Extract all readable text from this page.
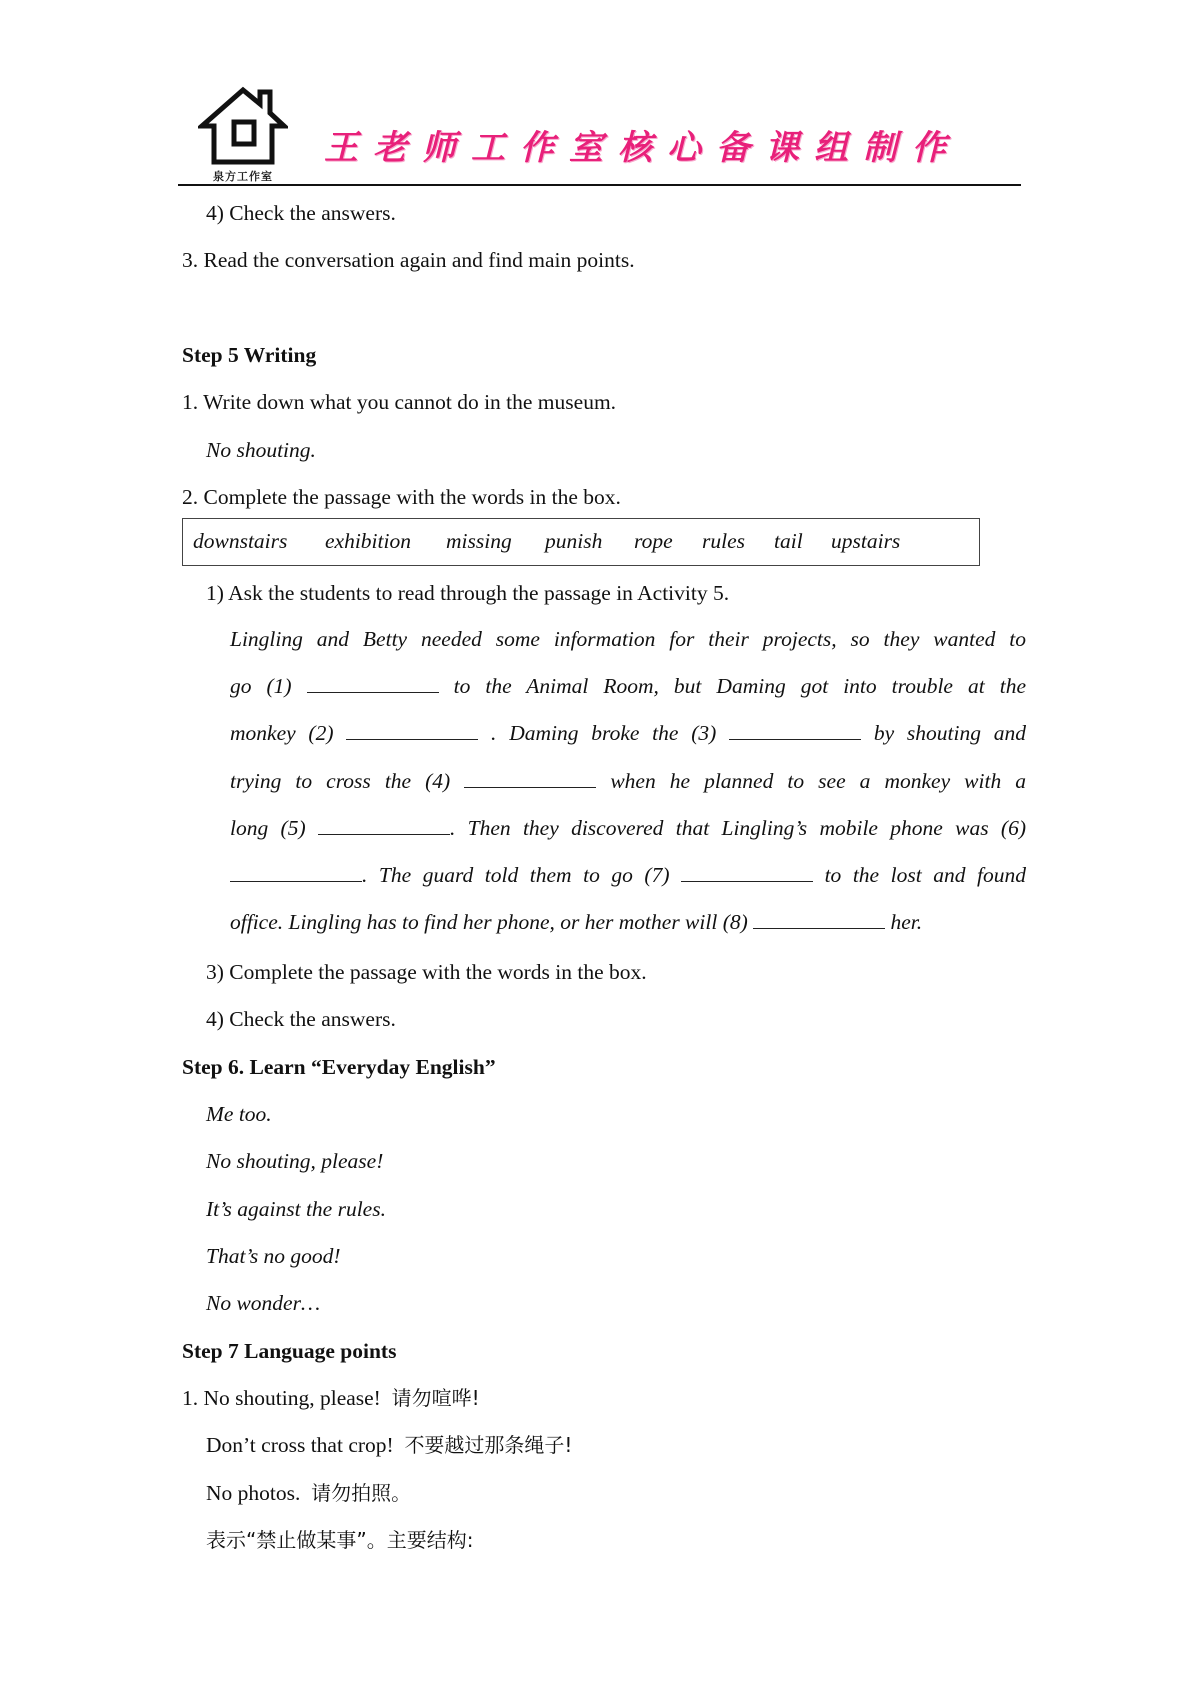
泉方工作室
王老师工作室核心备课组制作
4) Check the answers.
3. Read the conversation again and find main points.
Step 5 Writing
1. Write down what you cannot do in the museum.
No shouting.
2. Complete the passage with the words in the box.
downstairs exhibition missing punish rope rules tail upstairs
1) Ask the students to read through the passage in Activity 5.
Lingling and Betty needed some information for their projects, so they wanted to
go (1)	to the Animal Room, but Daming got into trouble at the
monkey (2)	. Daming broke the (3)	by shouting and
trying to cross the (4)	when he planned to see a monkey with a
long (5)	. Then they discovered that Lingling’s mobile phone was (6)
. The guard told them to go (7)	to the lost and found
office. Lingling has to find her phone, or her mother will (8)	her.
3) Complete the passage with the words in the box.
4) Check the answers.
Step 6. Learn “Everyday English”
Me too.
No shouting, please!
It’s against the rules.
That’s no good!
No wonder…
Step 7 Language points
1. No shouting, please! 请勿喧哗!
Don’t cross that crop! 不要越过那条绳子!
No photos. 请勿拍照。
表示“禁止做某事”。主要结构:
